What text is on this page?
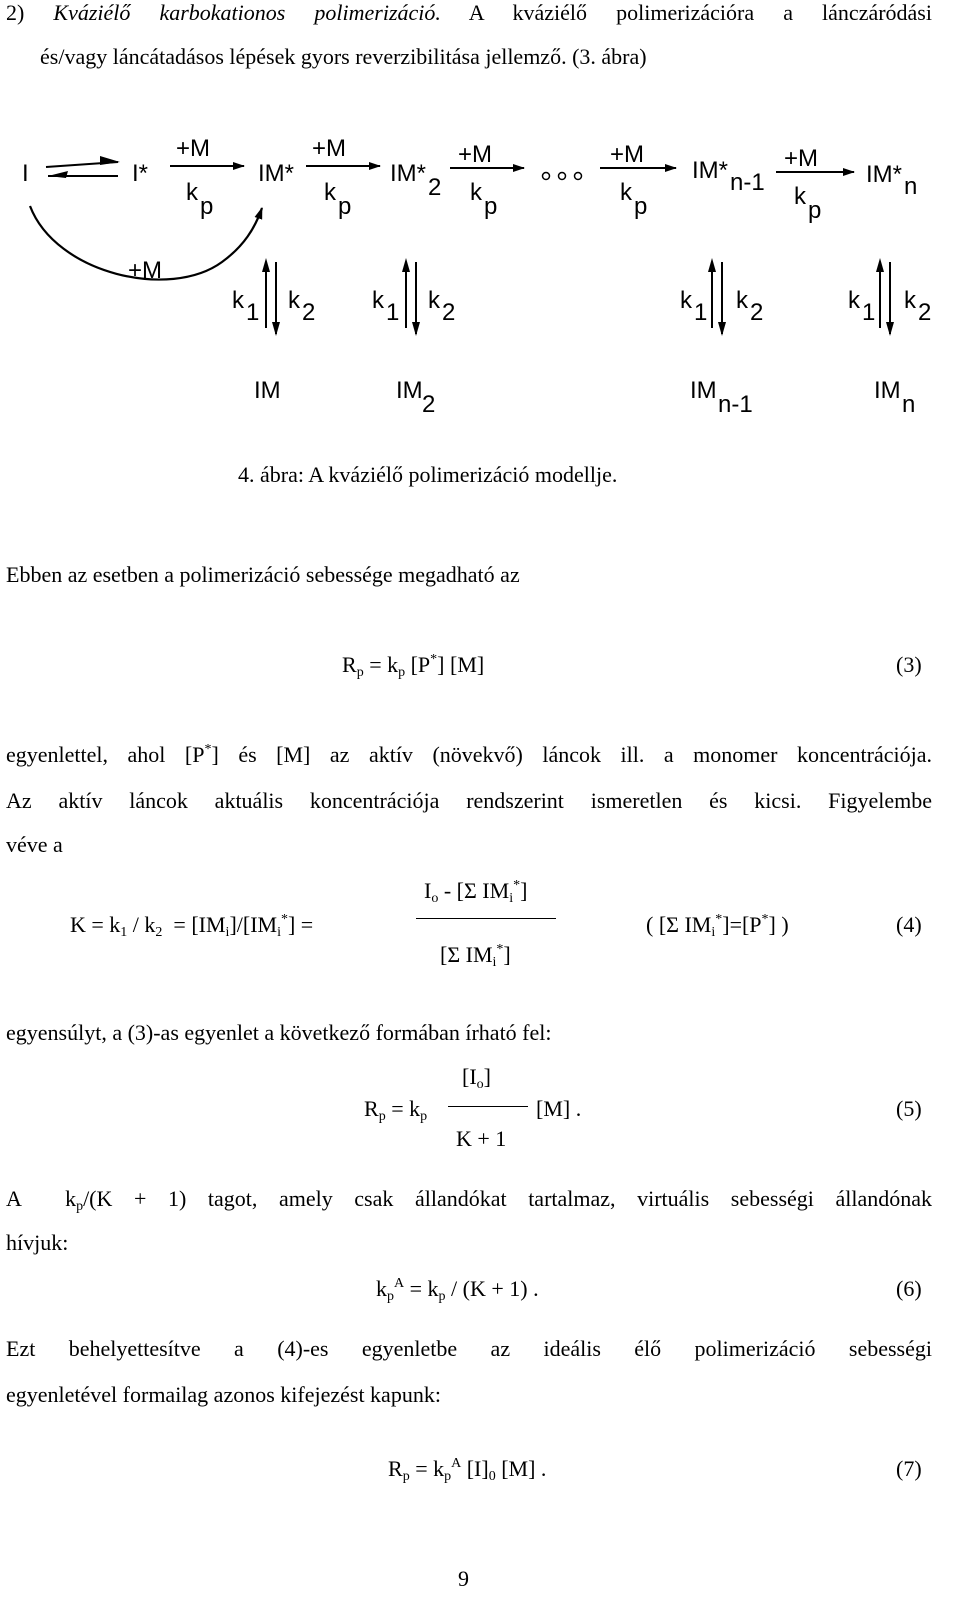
2) Kváziélő karbokationos polimerizáció. A kváziélő polimerizációra a lánczáródási
és/vagy láncátadásos lépések gyors reverzibilitása jellemző. (3. ábra)
I	I*
+M
k
p
IM*
+M
k
p
IM*
2
+M
k
p
+M
k
p
IM* n-1
+M
k
p
IM* n
+M
k 1 k 2 k 1 k 2	k 1 k 2	k 1 k 2
IM	IM
2
IM
n-1
IM
n
4. ábra: A kváziélő polimerizáció modellje.
Ebben az esetben a polimerizáció sebessége megadható az
$R_p = k_p$ [P*] [M]	(3)
egyenlettel, ahol [P*] és [M] az aktív (növekvő) láncok ill. a monomer koncentrációja.
Az aktív láncok aktuális koncentrációja rendszerint ismeretlen és kicsi. Figyelembe
véve a
$K = k_1 / k_2 = [IM_i]/[IM_i^*]$ =
$I_o - [\Sigma$ $IM_i^*$]
[Σ $IM_i^*$]
( [Σ $IM_i^*]=[P^*]$ )	(4)
egyensúlyt, a (3)-as egyenlet a következő formában írható fel:
$[I_o]$
$R_p = k_p$	[M] .
K + 1
(5)
A  $k_p/(K + 1)$ tagot, amely csak állandókat tartalmaz, virtuális sebességi állandónak
hívjuk:
$k_p^A = k_p / (K + 1)$ .	(6)
Ezt behelyettesítve a (4)-es egyenletbe az ideális élő polimerizáció sebességi
egyenletével formailag azonos kifejezést kapunk:
$R_p = k_p^A$ $[I]_0$ [M] .	(7)
9
